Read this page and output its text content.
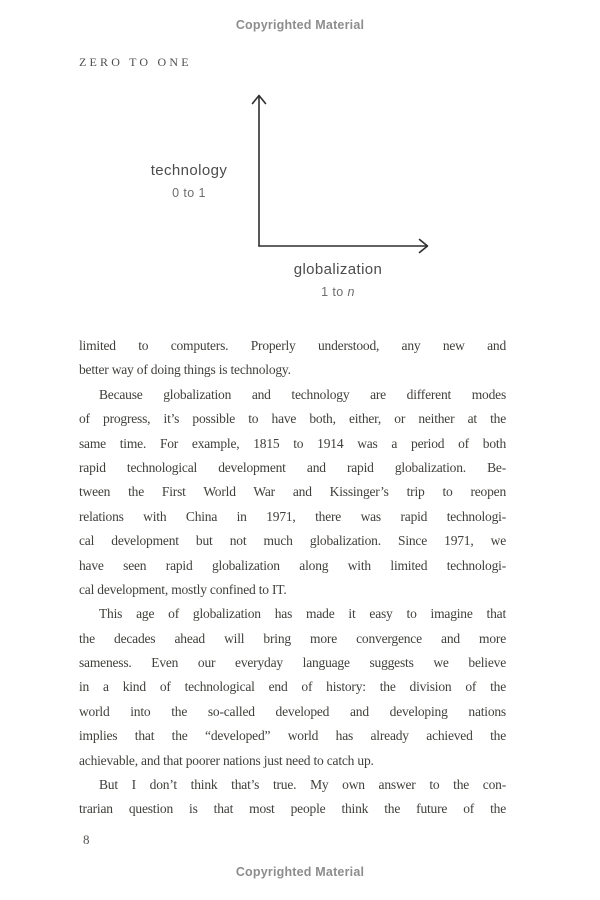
Copyrighted Material
ZERO TO ONE
technology
0 to 1
globalization
1 to n
limited to computers. Properly understood, any new and
better way of doing things is technology.
Because globalization and technology are different modes
of progress, it’s possible to have both, either, or neither at the
same time. For example, 1815 to 1914 was a period of both
rapid technological development and rapid globalization. Be-
tween the First World War and Kissinger’s trip to reopen
relations with China in 1971, there was rapid technologi-
cal development but not much globalization. Since 1971, we
have seen rapid globalization along with limited technologi-
cal development, mostly confined to IT.
This age of globalization has made it easy to imagine that
the decades ahead will bring more convergence and more
sameness. Even our everyday language suggests we believe
in a kind of technological end of history: the division of the
world into the so-called developed and developing nations
implies that the “developed” world has already achieved the
achievable, and that poorer nations just need to catch up.
But I don’t think that’s true. My own answer to the con-
trarian question is that most people think the future of the
8
Copyrighted Material
